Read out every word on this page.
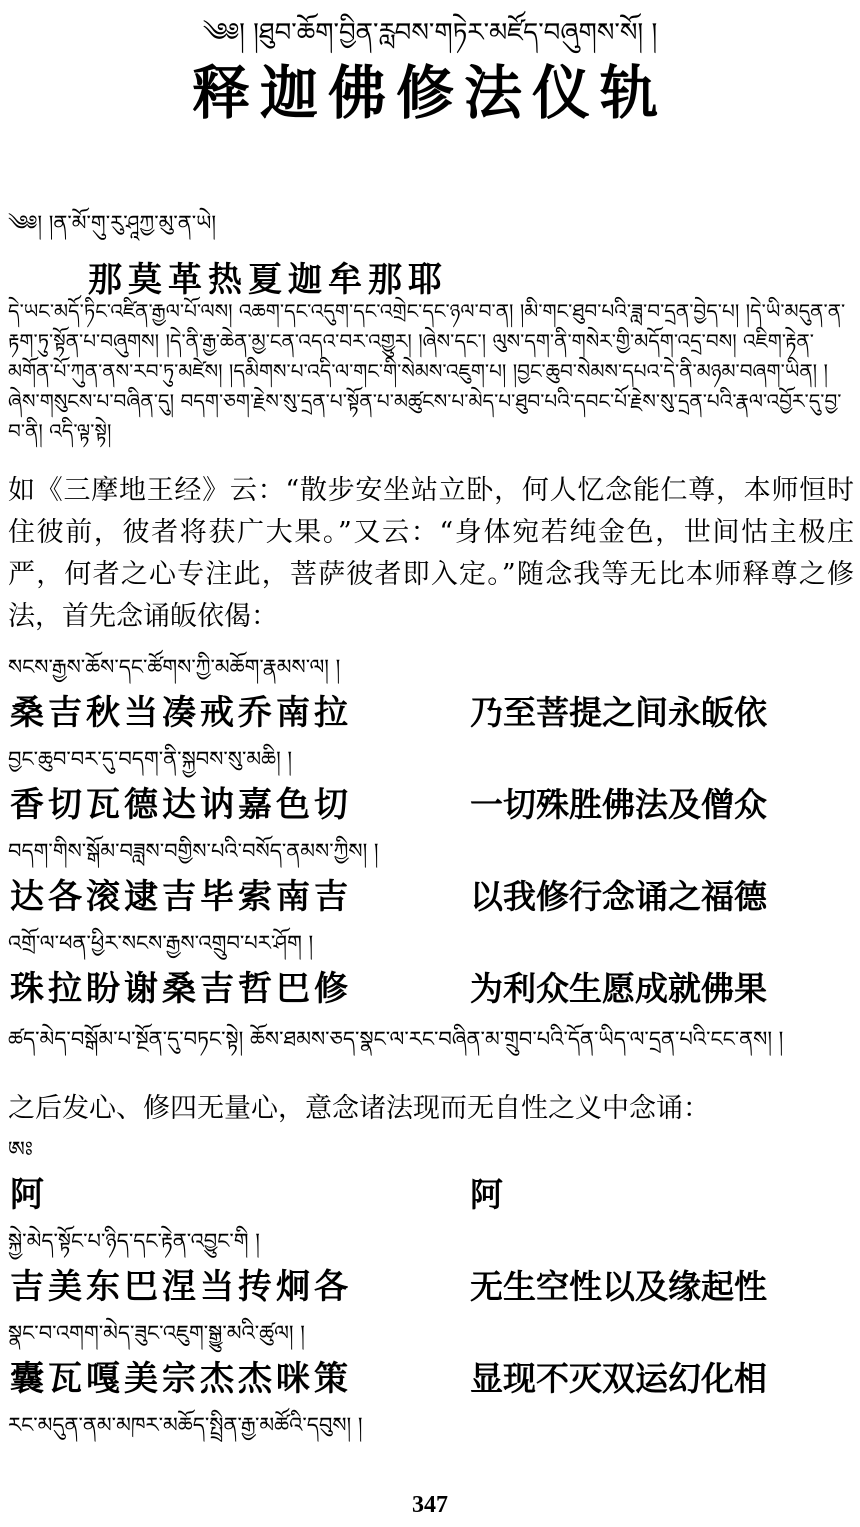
༄༅། །ཐུབ་ཆོག་བྱིན་རླབས་གཏེར་མཛོད་བཞུགས་སོ། །
释迦佛修法仪轨

༄༅། །ན་མོ་གུ་རུ་ཤཱཀྱ་མུ་ན་ཡེ།

那莫革热夏迦牟那耶

དེ་ཡང་མདོ་ཏིང་འཛིན་རྒྱལ་པོ་ལས། འཆག་དང་འདུག་དང་འགྲེང་དང་ཉལ་བ་ན། །མི་གང་ཐུབ་པའི་ཟླ་བ་དྲན་བྱེད་པ། །དེ་ཡི་མདུན་ན་རྟག་ཏུ་སྟོན་པ་བཞུགས། །དེ་ནི་རྒྱ་ཆེན་མྱ་ངན་འདའ་བར་འགྱུར། །ཞེས་དང་། ལུས་དག་ནི་གསེར་གྱི་མདོག་འདྲ་བས། འཇིག་རྟེན་མགོན་པོ་ཀུན་ནས་རབ་ཏུ་མཛེས། །དམིགས་པ་འདི་ལ་གང་གི་སེམས་འཇུག་པ། །བྱང་ཆུབ་སེམས་དཔའ་དེ་ནི་མཉམ་བཞག་ཡིན། །ཞེས་གསུངས་པ་བཞིན་དུ། བདག་ཅག་རྗེས་སུ་དྲན་པ་སྟོན་པ་མཚུངས་པ་མེད་པ་ཐུབ་པའི་དབང་པོ་རྗེས་སུ་དྲན་པའི་རྣལ་འབྱོར་དུ་བྱ་བ་ནི། འདི་ལྟ་སྟེ།

如《三摩地王经》云：“散步安坐站立卧，何人忆念能仁尊，本师恒时住彼前，彼者将获广大果。”又云：“身体宛若纯金色，世间怙主极庄严，何者之心专注此，菩萨彼者即入定。”随念我等无比本师释尊之修法，首先念诵皈依偈：

སངས་རྒྱས་ཆོས་དང་ཚོགས་ཀྱི་མཆོག་རྣམས་ལ། །

桑吉秋当凑戒乔南拉	乃至菩提之间永皈依

བྱང་ཆུབ་བར་དུ་བདག་ནི་སྐྱབས་སུ་མཆི། །

香切瓦德达讷嘉色切	一切殊胜佛法及僧众

བདག་གིས་སྒོམ་བཟླས་བགྱིས་པའི་བསོད་ནམས་ཀྱིས། །

达各滚逮吉毕索南吉	以我修行念诵之福德

འགྲོ་ལ་ཕན་ཕྱིར་སངས་རྒྱས་འགྲུབ་པར་ཤོག །

珠拉盼谢桑吉哲巴修	为利众生愿成就佛果

ཚད་མེད་བསྒོམ་པ་སྔོན་དུ་བཏང་སྟེ། ཆོས་ཐམས་ཅད་སྣང་ལ་རང་བཞིན་མ་གྲུབ་པའི་དོན་ཡིད་ལ་དྲན་པའི་ངང་ནས། །

之后发心、修四无量心，意念诸法现而无自性之义中念诵：

ཨཿ

阿	阿

སྐྱེ་མེད་སྟོང་པ་ཉིད་དང་རྟེན་འབྱུང་གི །

吉美东巴涅当抟炯各	无生空性以及缘起性

སྣང་བ་འགག་མེད་ཟུང་འཇུག་སྒྱུ་མའི་ཚུལ། །

囊瓦嘎美宗杰杰咪策	显现不灭双运幻化相

རང་མདུན་ནམ་མཁར་མཆོད་སྤྲིན་རྒྱ་མཚོའི་དབུས། །

347
